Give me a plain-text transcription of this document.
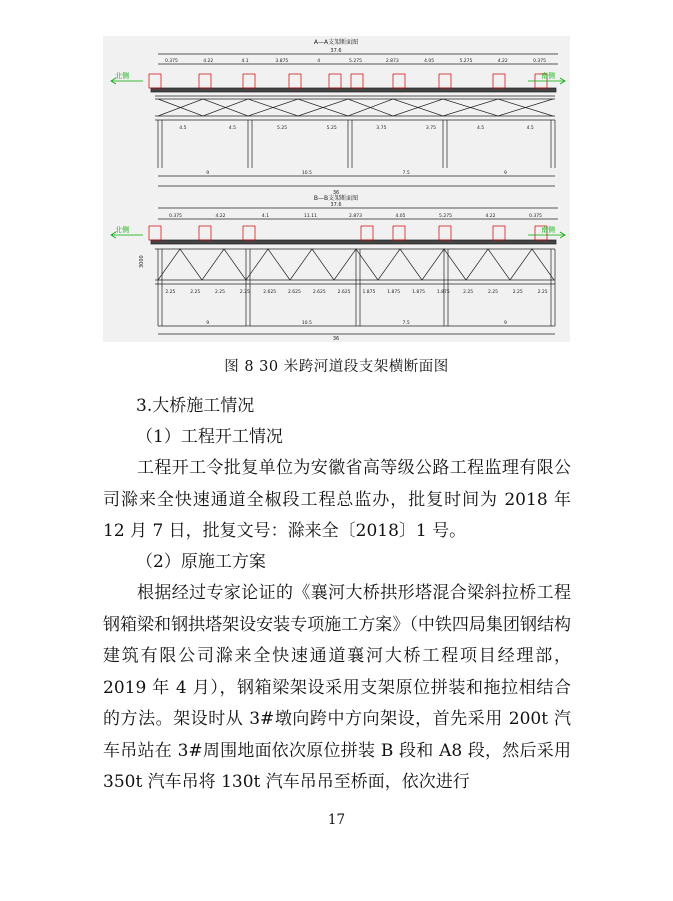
A—A支架断面图
37.6
北侧	南侧
36
B—B支架断面图
37.6
北侧	南侧
3000
36
0.375	4.22	4.1	3.875	4	5.275	2.873	4.05	5.275	4.22	0.375
4.5	4.5	5.25	5.25	3.75	3.75	4.5	4.5
9	10.5	7.5	9
0.375	4.22	4.1	11.11	2.873	4.05	5.275	4.22	0.375
2.25	2.25	2.25	2.25	2.625	2.625	2.625	2.625	1.875	1.875	1.875	1.875	2.25	2.25	2.25	2.25
9	10.5	7.5	9
图 8 30 米跨河道段支架横断面图
3.大桥施工情况
（1）工程开工情况
工程开工令批复单位为安徽省高等级公路工程监理有限公司滁来全快速通道全椒段工程总监办，批复时间为 2018 年 12 月 7 日，批复文号：滁来全〔2018〕1 号。
（2）原施工方案
根据经过专家论证的《襄河大桥拱形塔混合梁斜拉桥工程钢箱梁和钢拱塔架设安装专项施工方案》（中铁四局集团钢结构建筑有限公司滁来全快速通道襄河大桥工程项目经理部，2019 年 4 月），钢箱梁架设采用支架原位拼装和拖拉相结合的方法。架设时从 3#墩向跨中方向架设，首先采用 200t 汽车吊站在 3#周围地面依次原位拼装 B 段和 A8 段，然后采用 350t 汽车吊将 130t 汽车吊吊至桥面，依次进行
17
